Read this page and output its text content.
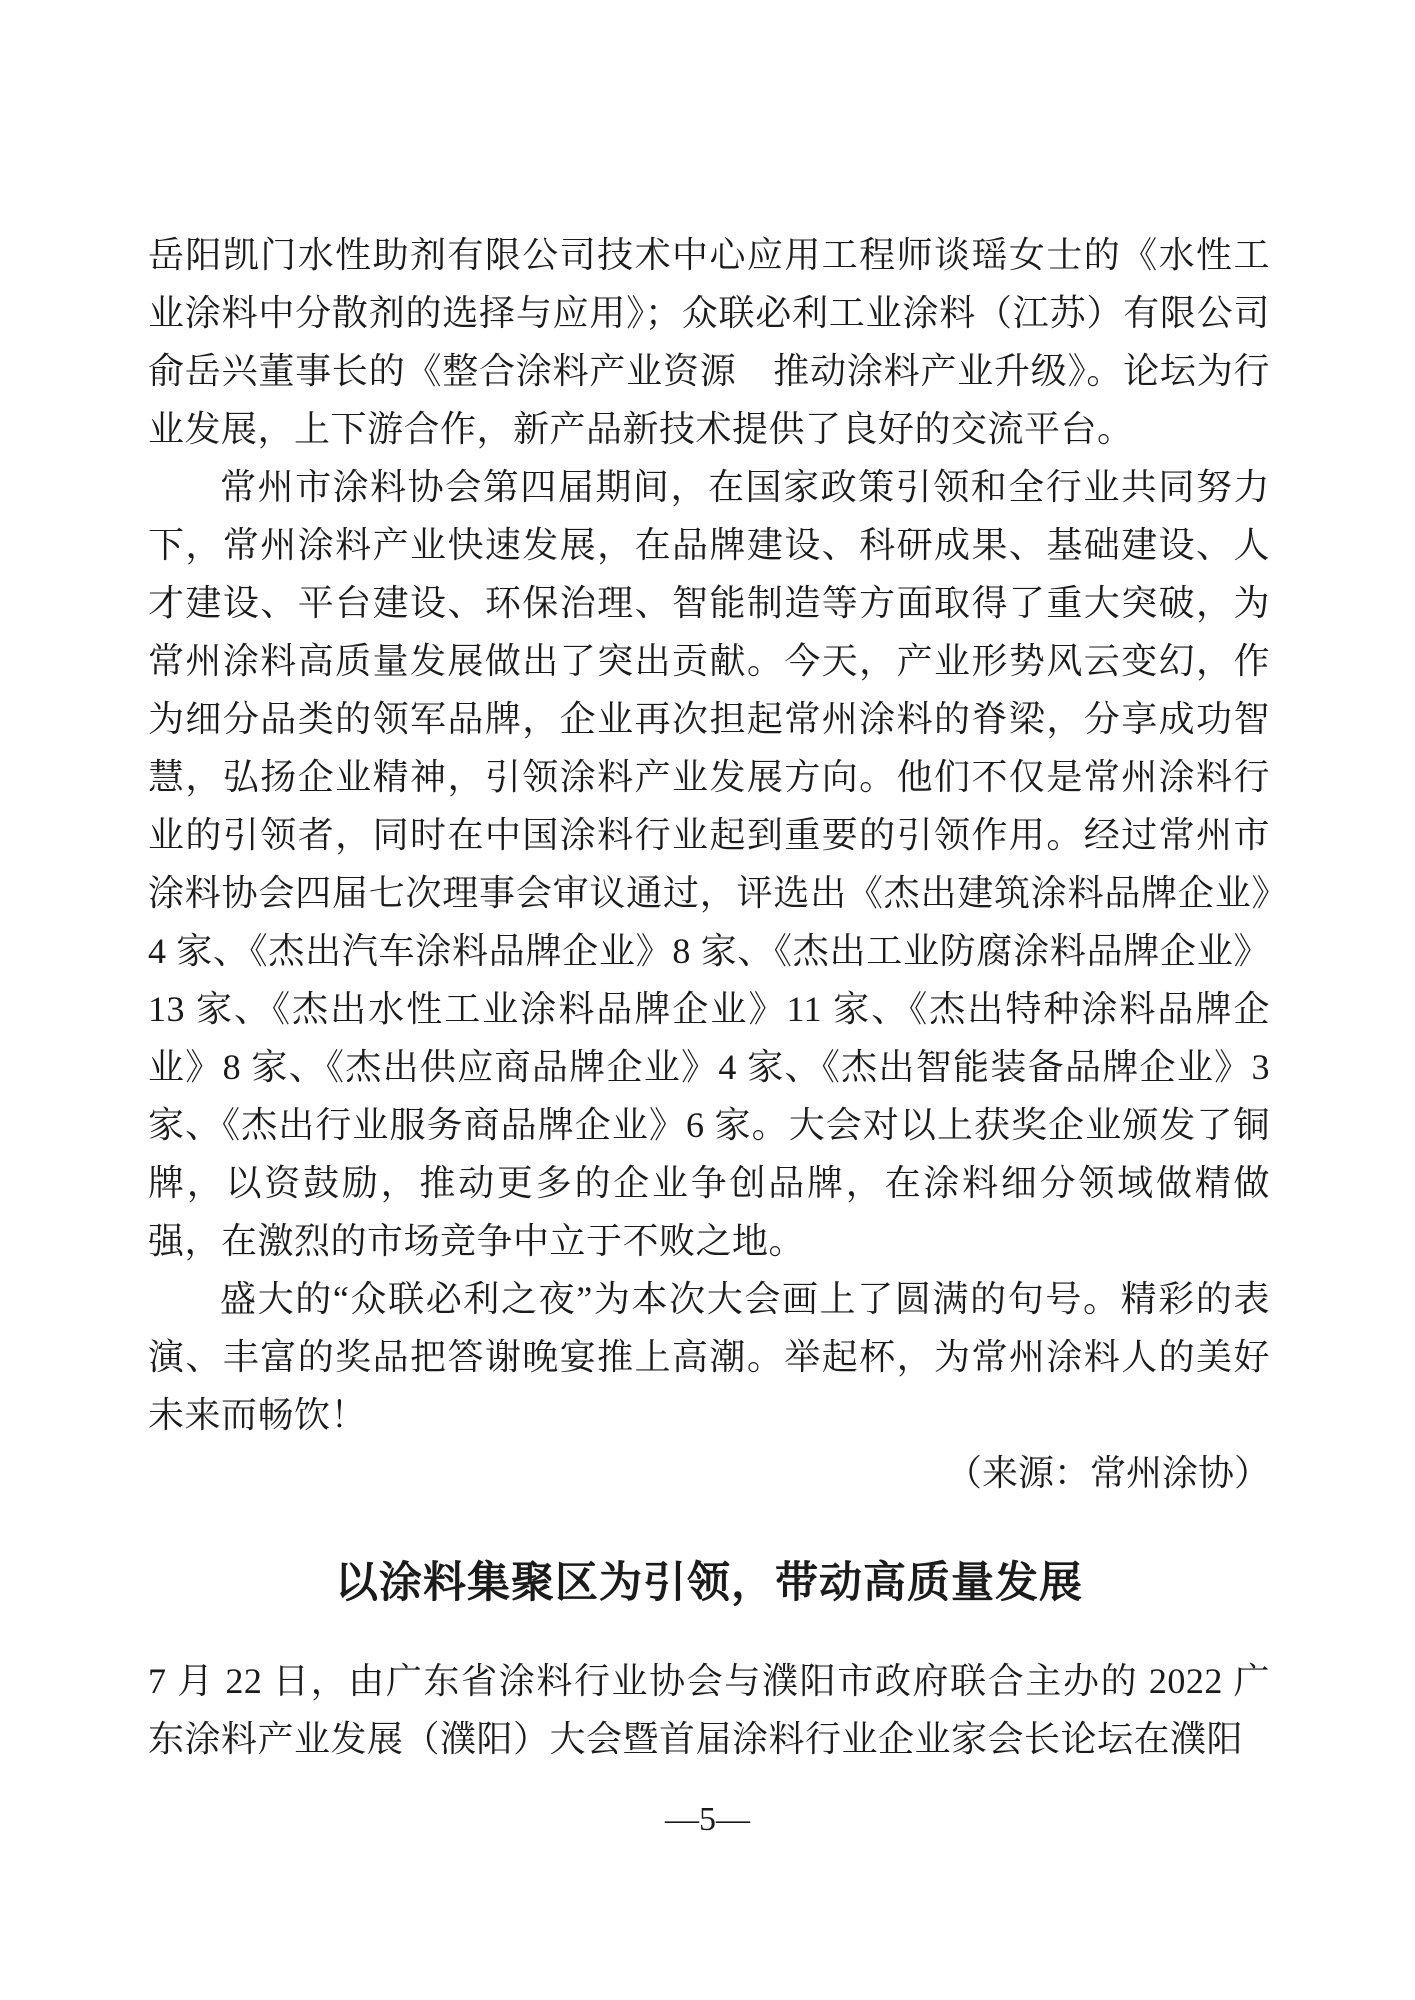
岳阳凯门水性助剂有限公司技术中心应用工程师谈瑶女士的《水性工业涂料中分散剂的选择与应用》；众联必利工业涂料（江苏）有限公司俞岳兴董事长的《整合涂料产业资源　推动涂料产业升级》。论坛为行业发展，上下游合作，新产品新技术提供了良好的交流平台。

常州市涂料协会第四届期间，在国家政策引领和全行业共同努力下，常州涂料产业快速发展，在品牌建设、科研成果、基础建设、人才建设、平台建设、环保治理、智能制造等方面取得了重大突破，为常州涂料高质量发展做出了突出贡献。今天，产业形势风云变幻，作为细分品类的领军品牌，企业再次担起常州涂料的脊梁，分享成功智慧，弘扬企业精神，引领涂料产业发展方向。他们不仅是常州涂料行业的引领者，同时在中国涂料行业起到重要的引领作用。经过常州市涂料协会四届七次理事会审议通过，评选出《杰出建筑涂料品牌企业》4 家、《杰出汽车涂料品牌企业》8 家、《杰出工业防腐涂料品牌企业》13 家、《杰出水性工业涂料品牌企业》11 家、《杰出特种涂料品牌企业》8 家、《杰出供应商品牌企业》4 家、《杰出智能装备品牌企业》3 家、《杰出行业服务商品牌企业》6 家。大会对以上获奖企业颁发了铜牌，以资鼓励，推动更多的企业争创品牌，在涂料细分领域做精做强，在激烈的市场竞争中立于不败之地。

盛大的“众联必利之夜”为本次大会画上了圆满的句号。精彩的表演、丰富的奖品把答谢晚宴推上高潮。举起杯，为常州涂料人的美好未来而畅饮！

（来源：常州涂协）

以涂料集聚区为引领，带动高质量发展

7 月 22 日，由广东省涂料行业协会与濮阳市政府联合主办的 2022 广东涂料产业发展（濮阳）大会暨首届涂料行业企业家会长论坛在濮阳

—5—
